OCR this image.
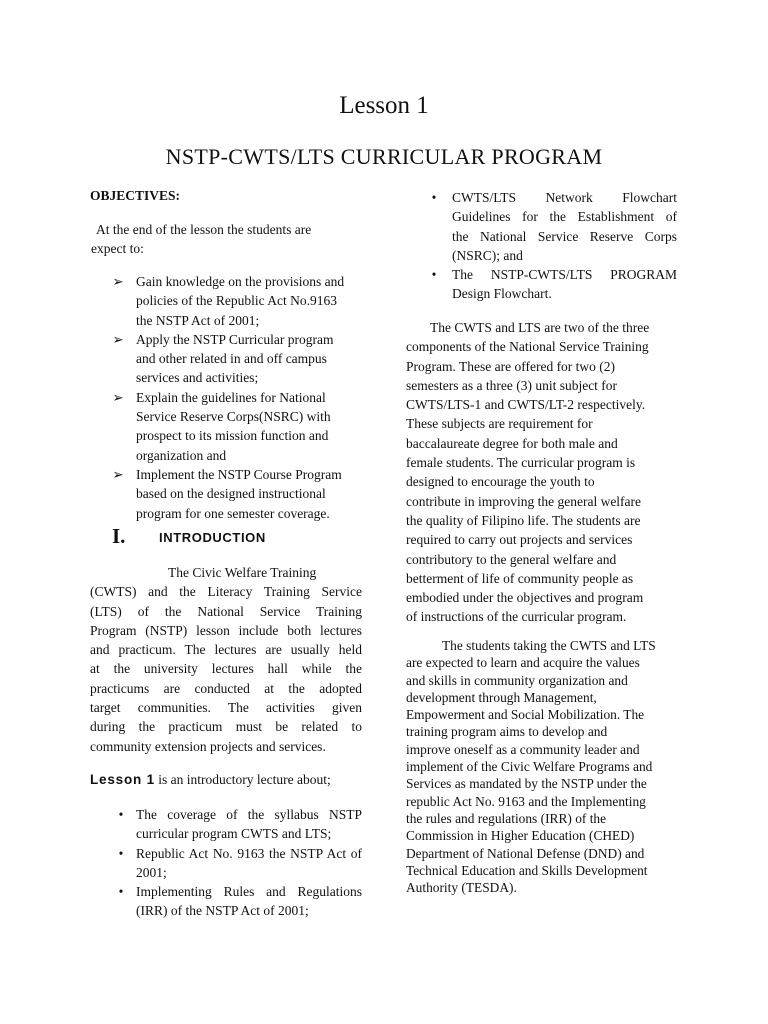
Lesson 1
NSTP-CWTS/LTS CURRICULAR PROGRAM
OBJECTIVES:
At the end of the lesson the students are
expect to:
➢ Gain knowledge on the provisions and
policies of the Republic Act No.9163
the NSTP Act of 2001;
➢ Apply the NSTP Curricular program
and other related in and off campus
services and activities;
➢ Explain the guidelines for National
Service Reserve Corps(NSRC) with
prospect to its mission function and
organization and
➢ Implement the NSTP Course Program
based on the designed instructional
program for one semester coverage.
I.	INTRODUCTION
The Civic Welfare Training
(CWTS) and the Literacy Training Service
(LTS) of the National Service Training
Program (NSTP) lesson include both lectures
and practicum. The lectures are usually held
at the university lectures hall while the
practicums are conducted at the adopted
target communities. The activities given
during the practicum must be related to
community extension projects and services.
Lesson 1 is an introductory lecture about;
• The coverage of the syllabus NSTP
curricular program CWTS and LTS;
• Republic Act No. 9163 the NSTP Act of
2001;
• Implementing Rules and Regulations
(IRR) of the NSTP Act of 2001;
•	CWTS/LTS Network Flowchart
Guidelines for the Establishment of
the National Service Reserve Corps
(NSRC); and
•	The NSTP-CWTS/LTS PROGRAM
Design Flowchart.
The CWTS and LTS are two of the three
components of the National Service Training
Program. These are offered for two (2)
semesters as a three (3) unit subject for
CWTS/LTS-1 and CWTS/LT-2 respectively.
These subjects are requirement for
baccalaureate degree for both male and
female students. The curricular program is
designed to encourage the youth to
contribute in improving the general welfare
the quality of Filipino life. The students are
required to carry out projects and services
contributory to the general welfare and
betterment of life of community people as
embodied under the objectives and program
of instructions of the curricular program.
The students taking the CWTS and LTS
are expected to learn and acquire the values
and skills in community organization and
development through Management,
Empowerment and Social Mobilization. The
training program aims to develop and
improve oneself as a community leader and
implement of the Civic Welfare Programs and
Services as mandated by the NSTP under the
republic Act No. 9163 and the Implementing
the rules and regulations (IRR) of the
Commission in Higher Education (CHED)
Department of National Defense (DND) and
Technical Education and Skills Development
Authority (TESDA).
